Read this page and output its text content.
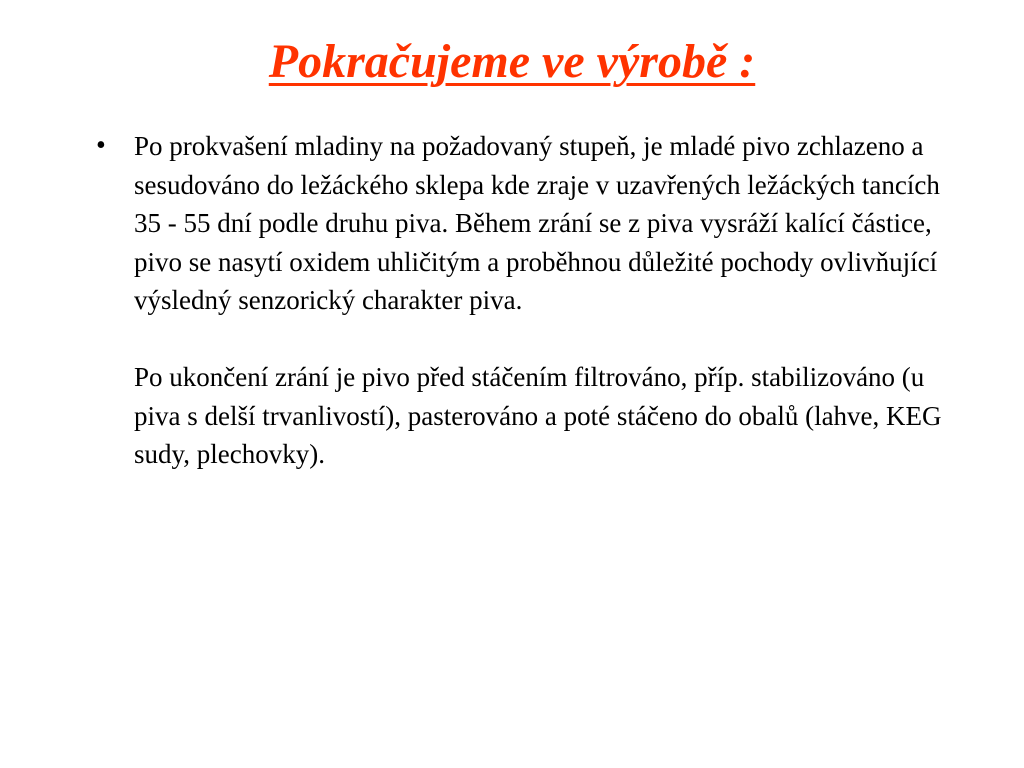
Pokračujeme ve výrobě :
•	Po prokvašení mladiny na požadovaný stupeň, je mladé pivo zchlazeno a sesudováno do ležáckého sklepa kde zraje v uzavřených ležáckých tancích 35 - 55 dní podle druhu piva. Během zrání se z piva vysráží kalící částice, pivo se nasytí oxidem uhličitým a proběhnou důležité pochody ovlivňující výsledný senzorický charakter piva.

Po ukončení zrání je pivo před stáčením filtrováno, příp. stabilizováno (u piva s delší trvanlivostí), pasterováno a poté stáčeno do obalů (lahve, KEG sudy, plechovky).
